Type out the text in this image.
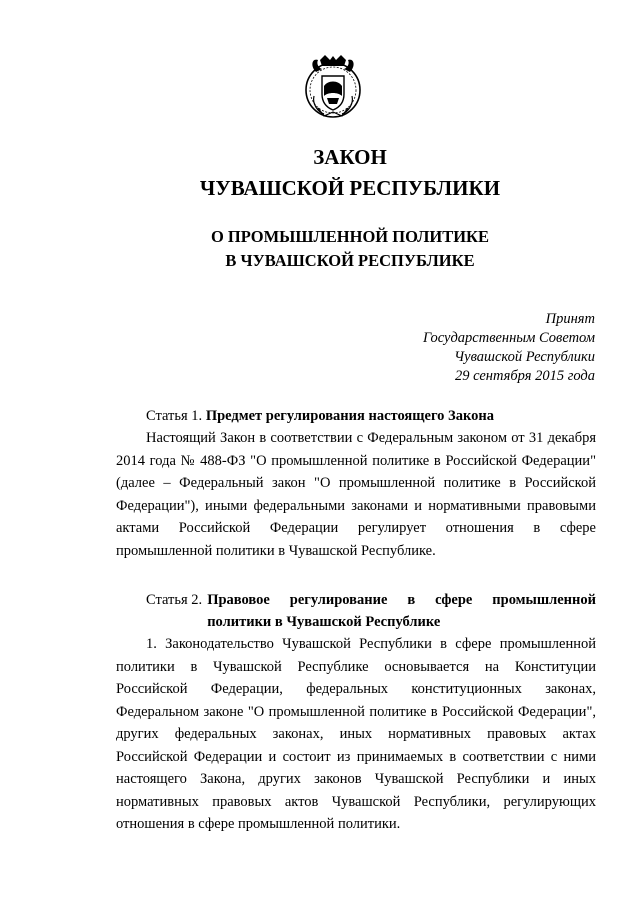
ЗАКОН
ЧУВАШСКОЙ РЕСПУБЛИКИ
О ПРОМЫШЛЕННОЙ ПОЛИТИКЕ
В ЧУВАШСКОЙ РЕСПУБЛИКЕ
Принят
Государственным Советом
Чувашской Республики
29 сентября 2015 года
Статья 1. Предмет регулирования настоящего Закона

Настоящий Закон в соответствии с Федеральным законом от 31 декабря 2014 года № 488-ФЗ "О промышленной политике в Российской Федерации" (далее – Федеральный закон "О промышленной политике в Российской Федерации"), иными федеральными законами и нормативными правовыми актами Российской Федерации регулирует отношения в сфере промышленной политики в Чувашской Республике.

Статья 2. Правовое регулирование в сфере промышленной политики в Чувашской Республике

1. Законодательство Чувашской Республики в сфере промышленной политики в Чувашской Республике основывается на Конституции Российской Федерации, федеральных конституционных законах, Федеральном законе "О промышленной политике в Российской Федерации", других федеральных законах, иных нормативных правовых актах Российской Федерации и состоит из принимаемых в соответствии с ними настоящего Закона, других законов Чувашской Республики и иных нормативных правовых актов Чувашской Республики, регулирующих отношения в сфере промышленной политики.
